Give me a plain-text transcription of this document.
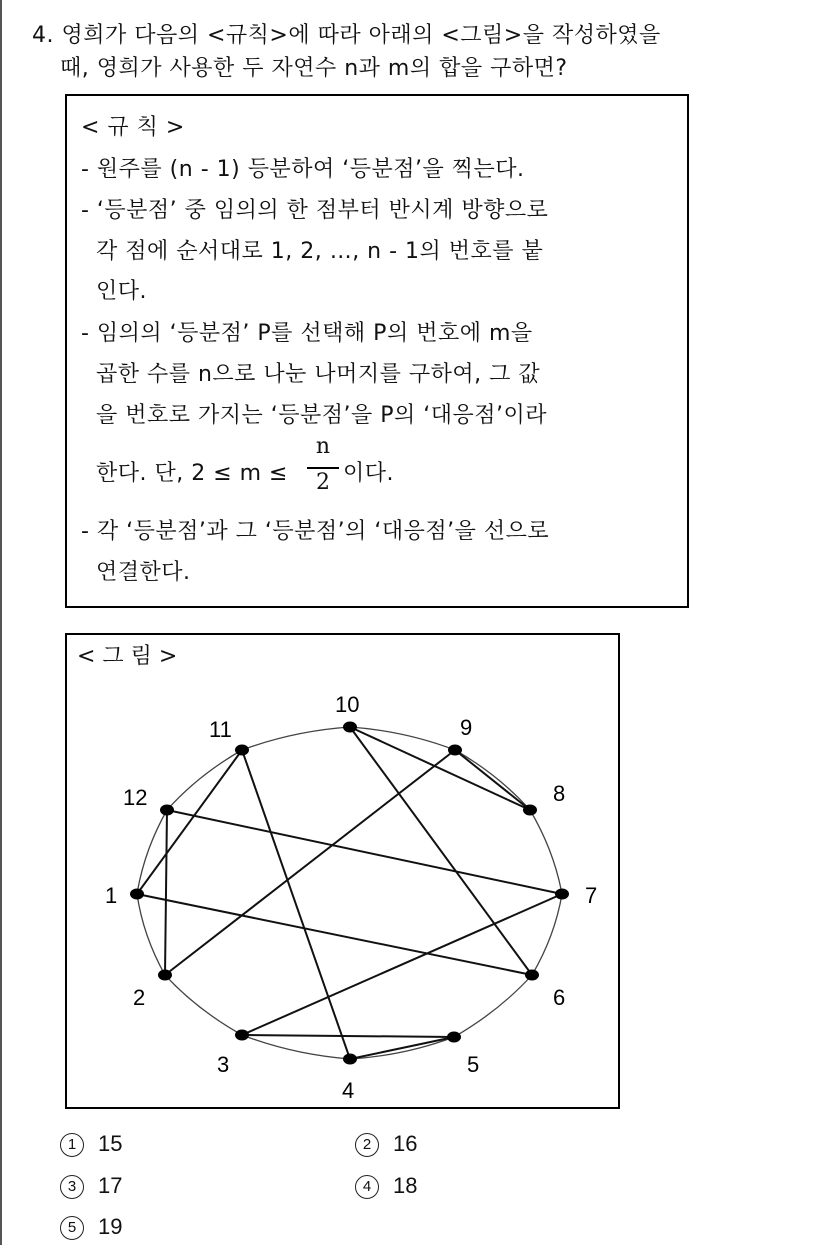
4. 영희가 다음의 <규칙>에 따라 아래의 <그림>을 작성하였을
때, 영희가 사용한 두 자연수 n과 m의 합을 구하면?
< 규 칙 >
- 원주를 (n - 1) 등분하여 ‘등분점’을 찍는다.
- ‘등분점’ 중 임의의 한 점부터 반시계 방향으로
각 점에 순서대로 1, 2, …, n - 1의 번호를 붙
인다.
- 임의의 ‘등분점’ P를 선택해 P의 번호에 m을
곱한 수를 n으로 나눈 나머지를 구하여, 그 값
을 번호로 가지는 ‘등분점’을 P의 ‘대응점’이라
한다. 단, 2 ≤ m ≤
n
2 이다.
- 각 ‘등분점’과 그 ‘등분점’의 ‘대응점’을 선으로
연결한다.
< 그 림 >
1
2
3
4
5
6
7
8
9
10
11
12
1 15	2 16
3 17	4 18
5 19
